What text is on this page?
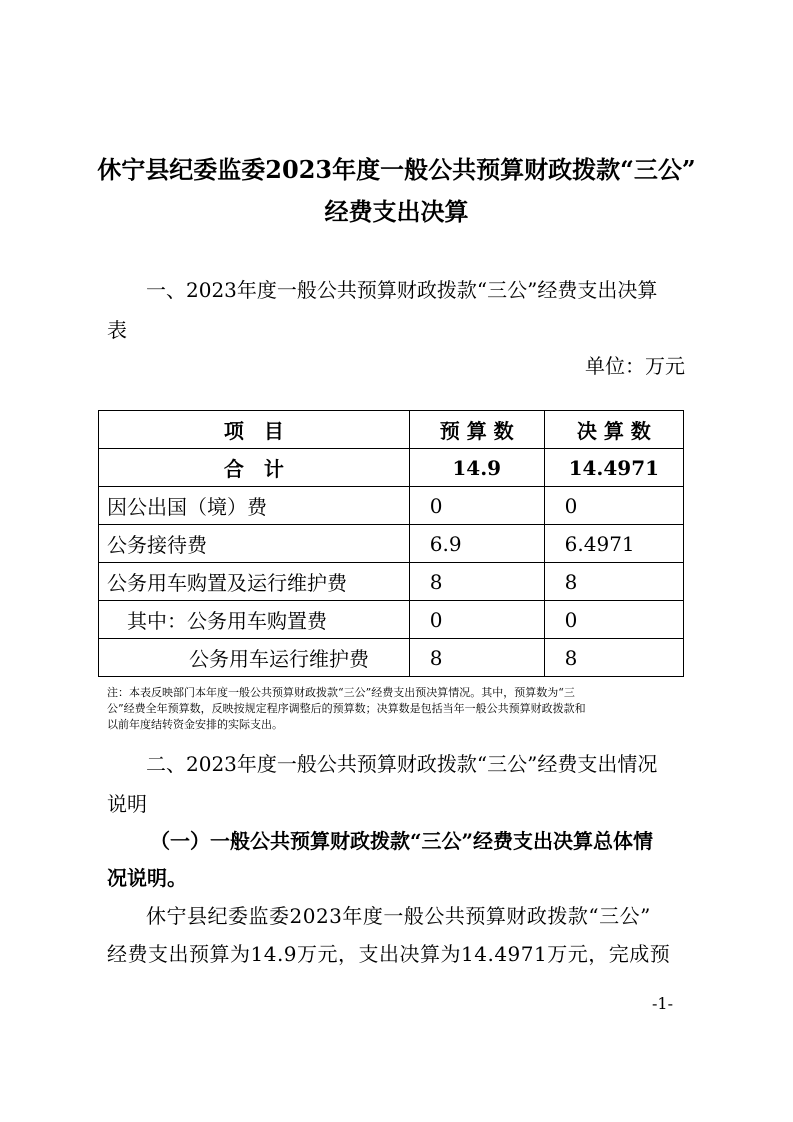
休宁县纪委监委2023年度一般公共预算财政拨款“三公”
经费支出决算
一、2023年度一般公共预算财政拨款“三公”经费支出决算
表
单位：万元
项　目	预 算 数	决 算 数
合　计	14.9	14.4971
因公出国（境）费	0	0
公务接待费	6.9	6.4971
公务用车购置及运行维护费	8	8
其中：公务用车购置费	0	0
公务用车运行维护费	8	8
注：本表反映部门本年度一般公共预算财政拨款“三公”经费支出预决算情况。其中，预算数为“三
公”经费全年预算数，反映按规定程序调整后的预算数；决算数是包括当年一般公共预算财政拨款和
以前年度结转资金安排的实际支出。
二、2023年度一般公共预算财政拨款“三公”经费支出情况
说明
（一）一般公共预算财政拨款“三公”经费支出决算总体情
况说明。
休宁县纪委监委2023年度一般公共预算财政拨款“三公”
经费支出预算为14.9万元，支出决算为14.4971万元，完成预
-1-
